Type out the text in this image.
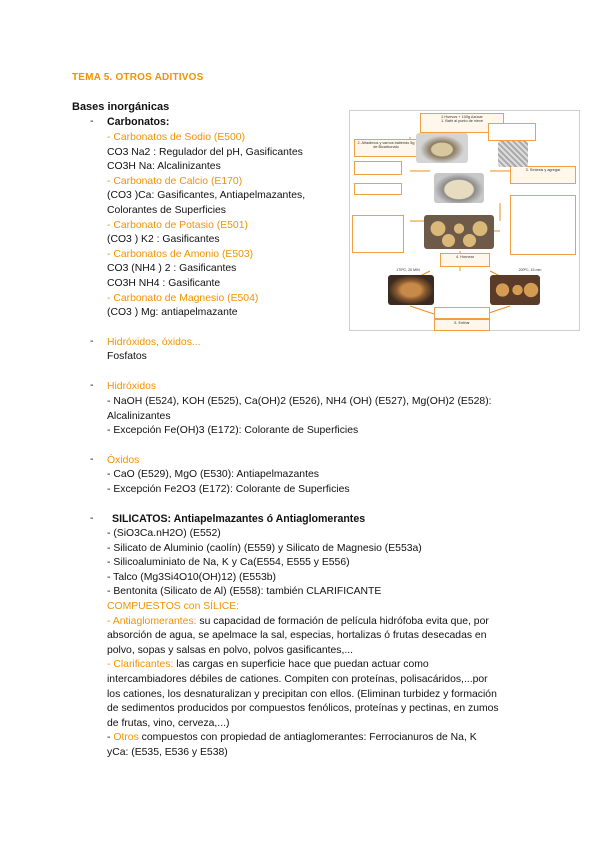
TEMA 5. OTROS ADITIVOS
Bases inorgánicas
- Carbonatos:
- Carbonatos de Sodio (E500)
CO3 Na2 : Regulador del pH, Gasificantes
CO3H Na: Alcalinizantes
- Carbonato de Calcio (E170)
(CO3 )Ca: Gasificantes, Antiapelmazantes,
Colorantes de Superficies
- Carbonato de Potasio (E501)
(CO3 ) K2 : Gasificantes
- Carbonatos de Amonio (E503)
CO3 (NH4 ) 2 : Gasificantes
CO3H NH4 : Gasificante
- Carbonato de Magnesio (E504)
(CO3 ) Mg: antiapelmazante
- Hidróxidos, óxidos...
Fosfatos
- Hidróxidos
- NaOH (E524), KOH (E525), Ca(OH)2 (E526), NH4 (OH) (E527), Mg(OH)2 (E528):
Alcalinizantes
- Excepción Fe(OH)3 (E172): Colorante de Superficies
- Óxidos
- CaO (E529), MgO (E530): Antiapelmazantes
- Excepción Fe2O3 (E172): Colorante de Superficies
- SILICATOS: Antiapelmazantes ó Antiaglomerantes
- (SiO3Ca.nH2O) (E552)
- Silicato de Aluminio (caolín) (E559) y Silicato de Magnesio (E553a)
- Silicoaluminiato de Na, K y Ca(E554, E555 y E556)
- Talco (Mg3Si4O10(OH)12) (E553b)
- Bentonita (Silicato de Al) (E558): también CLARIFICANTE
COMPUESTOS con SÍLICE:
- Antiaglomerantes: su capacidad de formación de película hidrófoba evita que, por
absorción de agua, se apelmace la sal, especias, hortalizas ó frutas desecadas en
polvo, sopas y salsas en polvo, polvos gasificantes,...
- Clarificantes: las cargas en superficie hace que puedan actuar como
intercambiadores débiles de cationes. Compiten con proteínas, polisacáridos,...por
los cationes, los desnaturalizan y precipitan con ellos. (Eliminan turbidez y formación
de sedimentos producidos por compuestos fenólicos, proteínas y pectinas, en zumos
de frutas, vino, cerveza,...)
- Otros compuestos con propiedad de antiaglomerantes: Ferrocianuros de Na, K
yCa: (E535, E536 y E538)
2 Huevos + 100g Azúcar
1. Batir al punto de nieve
2. Añadimos y vamos batiendo 5g de Bicarbonato
3. Síntesis y agregar
4. Hornear
170ºC, 20 MIN	200ºC, 15 min
5. Enfriar
